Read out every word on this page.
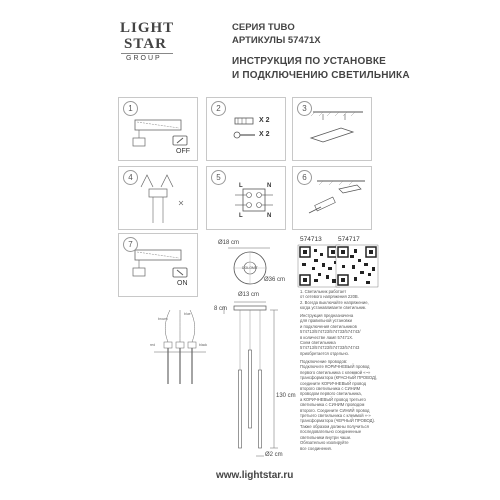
LIGHT
STAR
GROUP
СЕРИЯ TUBO
АРТИКУЛЫ 57471X
ИНСТРУКЦИЯ ПО УСТАНОВКЕ
И ПОДКЛЮЧЕНИЮ СВЕТИЛЬНИКА
1
OFF
2
X 2
X 2
3
4	5
L	N
L	N
6
7
ON
Ø18 cm
DOLOMIT
Ø36 cm
574713	574717
1. Светильник работает
от сетевого напряжения 220В.
2. Всегда выключайте напряжение,
когда устанавливаете светильник.
Инструкция предназначена
для правильной установки
и подключения светильников
574713/574723/574733/574743/
в количестве ламп 57471Х.
Схем светильника
574713/574723/574733/574743
приобретается отдельно.
Подключение проводов:
Подключите КОРИЧНЕВЫЙ провод
первого светильника с клеммой «~»
трансформатора (КРАСНЫЙ ПРОВОД),
соедините КОРИЧНЕВЫЙ провод
второго светильника с СИНИМ
проводом первого светильника,
а КОРИЧНЕВЫЙ провод третьего
светильника с СИНИМ проводом
второго. Соедините СИНИЙ провод
третьего светильника с клеммой «-»
трансформатора (ЧЕРНЫЙ ПРОВОД).
Также образом должны получиться
последовательно соединенные
светильники внутри чаши.
Обязательно изолируйте
все соединения.
brown
blue
red	black
Ø13 cm
8 cm
130 cm
Ø2 cm
www.lightstar.ru
